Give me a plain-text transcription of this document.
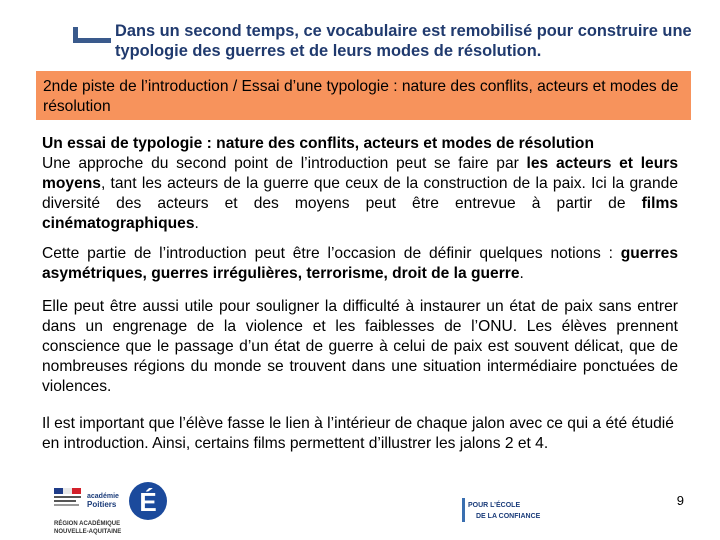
Dans un second temps, ce vocabulaire est remobilisé pour construire une typologie des guerres et de leurs modes de résolution.
2nde piste de l’introduction / Essai d’une typologie : nature des conflits, acteurs et modes de résolution
Un essai de typologie : nature des conflits, acteurs et modes de résolution
Une approche du second point de l’introduction peut se faire par les acteurs et leurs moyens, tant les acteurs de la guerre que ceux de la construction de la paix. Ici la grande diversité des acteurs et des moyens peut être entrevue à partir de films cinématographiques.
Cette partie de l’introduction peut être l’occasion de définir quelques notions : guerres asymétriques, guerres irrégulières, terrorisme, droit de la guerre.
Elle peut être aussi utile pour souligner la difficulté à instaurer un état de paix sans entrer dans un engrenage de la violence et les faiblesses de l’ONU. Les élèves prennent conscience que le passage d’un état de guerre à celui de paix est souvent délicat, que de nombreuses régions du monde se trouvent dans une situation intermédiaire ponctuées de violences.
Il est important que l’élève fasse le lien à l’intérieur de chaque jalon avec ce qui a été étudié en introduction. Ainsi, certains films permettent d’illustrer les jalons 2 et 4.
académie
Poitiers É
RÉGION ACADÉMIQUE
NOUVELLE-AQUITAINE
POUR L’ÉCOLE
DE LA CONFIANCE
9
